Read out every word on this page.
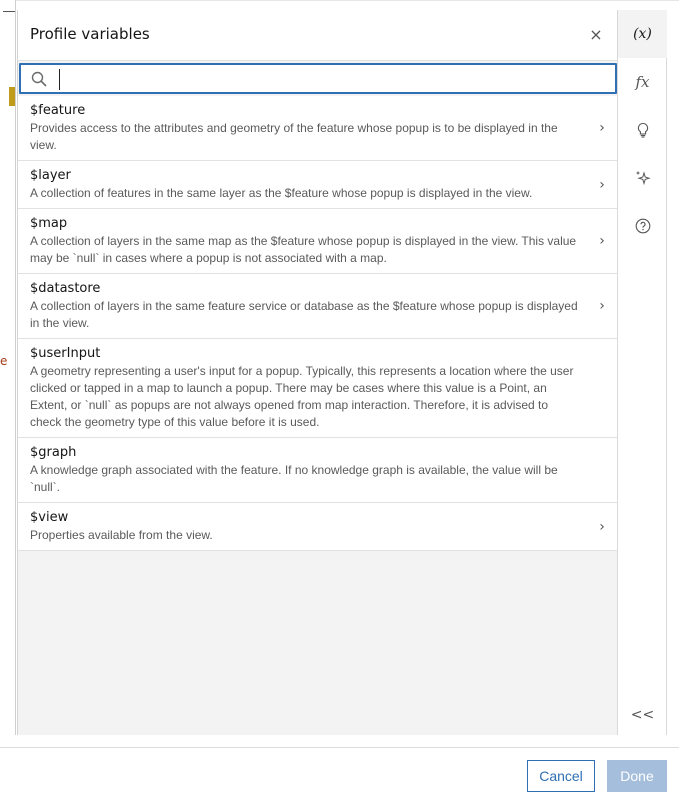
e
Profile variables	×
$feature
Provides access to the attributes and geometry of the feature whose popup is to be displayed in the view.
›
$layer
A collection of features in the same layer as the $feature whose popup is displayed in the view.
›
$map
A collection of layers in the same map as the $feature whose popup is displayed in the view. This value may be `null` in cases where a popup is not associated with a map.
›
$datastore
A collection of layers in the same feature service or database as the $feature whose popup is displayed in the view.
›
$userInput
A geometry representing a user's input for a popup. Typically, this represents a location where the user clicked or tapped in a map to launch a popup. There may be cases where this value is a Point, an Extent, or `null` as popups are not always opened from map interaction. Therefore, it is advised to check the geometry type of this value before it is used.
$graph
A knowledge graph associated with the feature. If no knowledge graph is available, the value will be `null`.
$view
Properties available from the view.
›
(x)
fx
<<
Cancel	Done
